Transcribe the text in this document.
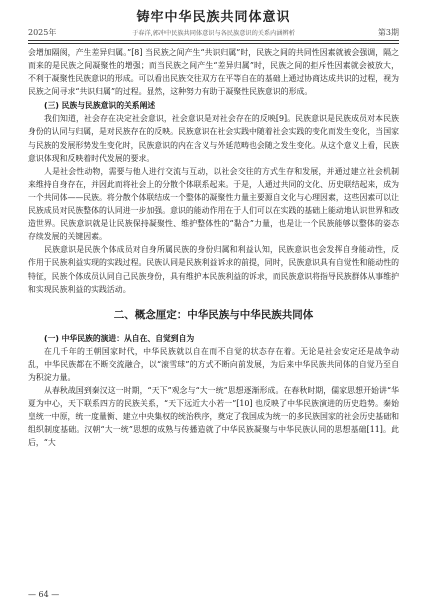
铸牢中华民族共同体意识
2025年	于春洋,郭冲中民族共同体意识与各民族意识的关系内涵辨析	第3期

会增加隔阂，产生差异归属。”[8] 当民族之间产生“共识归属”时，民族之间的共同性因素就被会强调，隔之而来的是民族之间凝聚性的增强；而当民族之间产生“差异归属”时，民族之间的拒斥性因素就会被放大，不利于凝聚性民族意识的形成。可以看出民族交往双方在平等自在的基础上通过协商达成共识的过程，视为民族之间寻求“共识归属”的过程。显然，这种努力有助于凝聚性民族意识的形成。

(三) 民族与民族意识的关系阐述

我们知道，社会存在决定社会意识，社会意识是对社会存在的反映[9]。民族意识是民族成员对本民族身份的认同与归属，是对民族存在的反映。民族意识在社会实践中随着社会实践的变化而发生变化，当国家与民族的发展形势发生变化时，民族意识的内在含义与外延范畴也会随之发生变化。从这个意义上看，民族意识体现和反映着时代发展的要求。

人是社会性动物，需要与他人进行交流与互动，以社会交往的方式生存和发展，并通过建立社会机制来维持自身存在，并因此而将社会上的分散个体联系起来。于是，人通过共同的文化、历史联结起来，成为一个共同体——民族。将分散个体联结成一个整体的凝聚性力量主要源自文化与心理因素，这些因素可以让民族成员对民族整体的认同进一步加强。意识的能动作用在于人们可以在实践的基础上能动地认识世界和改造世界。民族意识就是让民族保持凝聚性、维护整体性的“黏合”力量，也是让一个民族能够以整体的姿态存续发展的关键因素。

民族意识是民族个体成员对自身所属民族的身份归属和利益认知，民族意识也会发挥自身能动性，反作用于民族利益实现的实践过程。民族认同是民族利益诉求的前提，同时，民族意识具有自觉性和能动性的特征，民族个体成员认同自己民族身份，具有维护本民族利益的诉求，而民族意识将指导民族群体从事维护和实现民族利益的实践活动。

二、概念厘定：中华民族与中华民族共同体
(一) 中华民族的演进：从自在、自觉到自为

在几千年的王朝国家时代，中华民族就以自在而不自觉的状态存在着。无论是社会安定还是战争动乱，中华民族都在不断交流融合，以“滚雪球”的方式不断向前发展，为后来中华民族共同体的自觉乃至自为积淀力量。

从春秋战国到秦汉这一时期，“天下”观念与“大一统”思想逐渐形成。在春秋时期，儒家思想开始讲“华夏为中心，天下联系四方的民族关系，“天下远近大小若一”[10] 也反映了中华民族演进的历史趋势。秦始皇统一中原，统一度量衡、建立中央集权的统治秩序，奠定了我国成为统一的多民族国家的社会历史基础和组织制度基础。汉朝“大一统”思想的成熟与传播造就了中华民族凝聚与中华民族认同的思想基础[11]。此后，“大

— 64 —
